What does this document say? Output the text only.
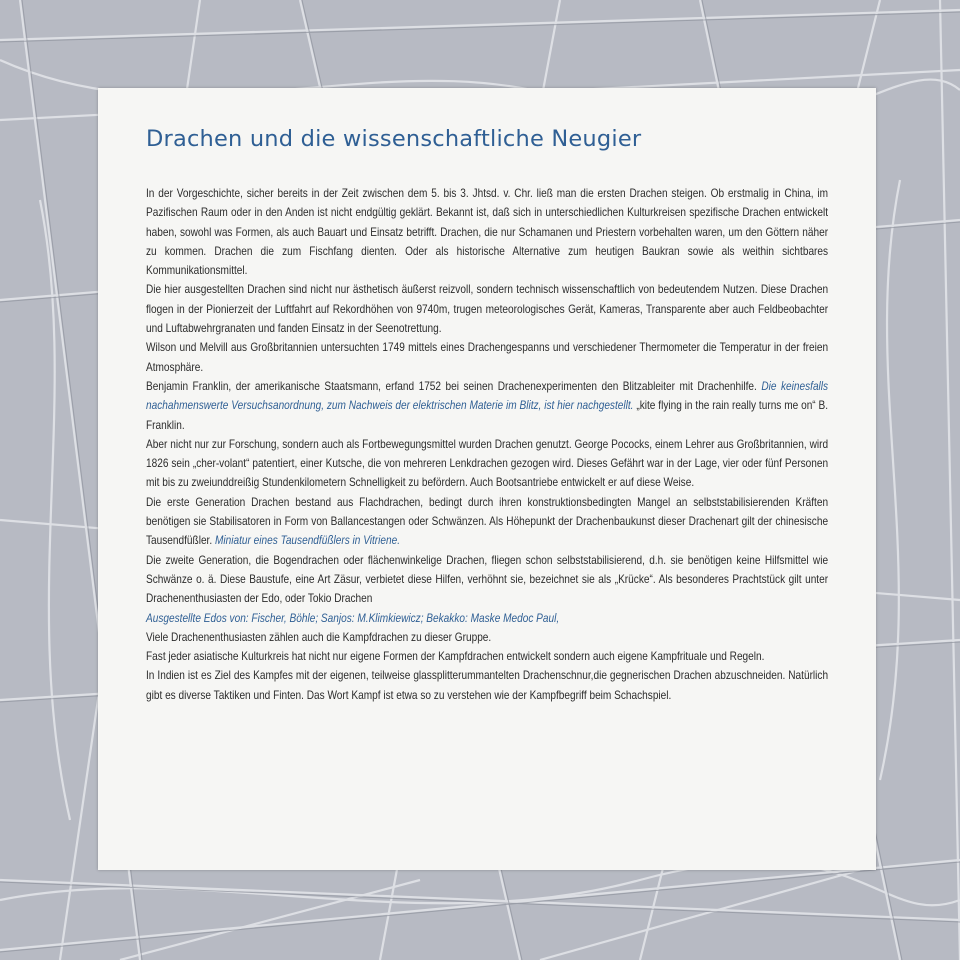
Drachen und die wissenschaftliche Neugier

In der Vorgeschichte, sicher bereits in der Zeit zwischen dem 5. bis 3. Jhtsd. v. Chr. ließ man die ersten Drachen steigen. Ob erstmalig in China, im Pazifischen Raum oder in den Anden ist nicht endgültig geklärt. Bekannt ist, daß sich in unterschiedlichen Kulturkreisen spezifische Drachen entwickelt haben, sowohl was Formen, als auch Bauart und Einsatz betrifft. Drachen, die nur Schamanen und Priestern vorbehalten waren, um den Göttern näher zu kommen. Drachen die zum Fischfang dienten. Oder als historische Alternative zum heutigen Baukran sowie als weithin sichtbares Kommunikationsmittel.

Die hier ausgestellten Drachen sind nicht nur ästhetisch äußerst reizvoll, sondern technisch wissenschaftlich von bedeutendem Nutzen. Diese Drachen flogen in der Pionierzeit der Luftfahrt auf Rekordhöhen von 9740m, trugen meteorologisches Gerät, Kameras, Transparente aber auch Feldbeobachter und Luftabwehrgranaten und fanden Einsatz in der Seenotrettung.

Wilson und Melvill aus Großbritannien untersuchten 1749 mittels eines Drachengespanns und verschiedener Thermometer die Temperatur in der freien Atmosphäre.

Benjamin Franklin, der amerikanische Staatsmann, erfand 1752 bei seinen Drachenexperimenten den Blitzableiter mit Drachenhilfe. Die keinesfalls nachahmenswerte Versuchsanordnung, zum Nachweis der elektrischen Materie im Blitz, ist hier nachgestellt. „kite flying in the rain really turns me on“ B. Franklin.

Aber nicht nur zur Forschung, sondern auch als Fortbewegungsmittel wurden Drachen genutzt. George Pococks, einem Lehrer aus Großbritannien, wird 1826 sein „cher-volant“ patentiert, einer Kutsche, die von mehreren Lenkdrachen gezogen wird. Dieses Gefährt war in der Lage, vier oder fünf Personen mit bis zu zweiunddreißig Stundenkilometern Schnelligkeit zu befördern. Auch Bootsantriebe entwickelt er auf diese Weise.

Die erste Generation Drachen bestand aus Flachdrachen, bedingt durch ihren konstruktionsbedingten Mangel an selbststabilisierenden Kräften benötigen sie Stabilisatoren in Form von Ballancestangen oder Schwänzen. Als Höhepunkt der Drachenbaukunst dieser Drachenart gilt der chinesische Tausendfüßler. Miniatur eines Tausendfüßlers in Vitriene.

Die zweite Generation, die Bogendrachen oder flächenwinkelige Drachen, fliegen schon selbststabilisierend, d.h. sie benötigen keine Hilfsmittel wie Schwänze o. ä. Diese Baustufe, eine Art Zäsur, verbietet diese Hilfen, verhöhnt sie, bezeichnet sie als „Krücke“. Als besonderes Prachtstück gilt unter Drachenenthusiasten der Edo, oder Tokio Drachen

Ausgestellte Edos von: Fischer, Böhle; Sanjos: M.Klimkiewicz; Bekakko: Maske Medoc Paul,

Viele Drachenenthusiasten zählen auch die Kampfdrachen zu dieser Gruppe.

Fast jeder asiatische Kulturkreis hat nicht nur eigene Formen der Kampfdrachen entwickelt sondern auch eigene Kampfrituale und Regeln.

In Indien ist es Ziel des Kampfes mit der eigenen, teilweise glassplitterummantelten Drachenschnur,die gegnerischen Drachen abzuschneiden. Natürlich gibt es diverse Taktiken und Finten. Das Wort Kampf ist etwa so zu verstehen wie der Kampfbegriff beim Schachspiel.
